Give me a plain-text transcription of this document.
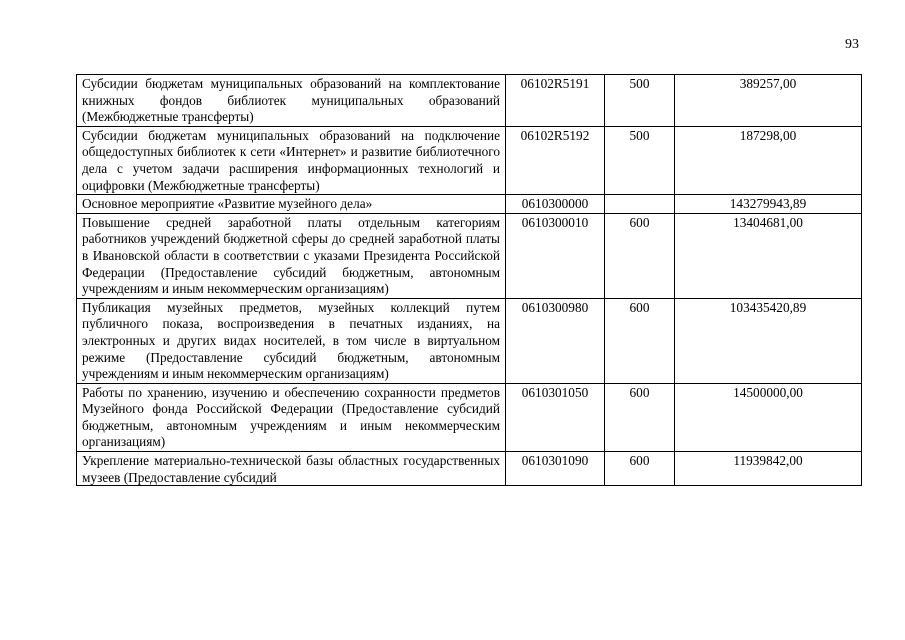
93
Субсидии бюджетам муниципальных образований на комплектование книжных фондов библиотек муниципальных образований (Межбюджетные трансферты)	06102R5191	500	389257,00
Субсидии бюджетам муниципальных образований на подключение общедоступных библиотек к сети «Интернет» и развитие библиотечного дела с учетом задачи расширения информационных технологий и оцифровки (Межбюджетные трансферты)	06102R5192	500	187298,00
Основное мероприятие «Развитие музейного дела»	0610300000		143279943,89
Повышение средней заработной платы отдельным категориям работников учреждений бюджетной сферы до средней заработной платы в Ивановской области в соответствии с указами Президента Российской Федерации (Предоставление субсидий бюджетным, автономным учреждениям и иным некоммерческим организациям)	0610300010	600	13404681,00
Публикация музейных предметов, музейных коллекций путем публичного показа, воспроизведения в печатных изданиях, на электронных и других видах носителей, в том числе в виртуальном режиме (Предоставление субсидий бюджетным, автономным учреждениям и иным некоммерческим организациям)	0610300980	600	103435420,89
Работы по хранению, изучению и обеспечению сохранности предметов Музейного фонда Российской Федерации (Предоставление субсидий бюджетным, автономным учреждениям и иным некоммерческим организациям)	0610301050	600	14500000,00

Укрепление материально-технической базы областных государственных музеев (Предоставление субсидий	0610301090	600	11939842,00
